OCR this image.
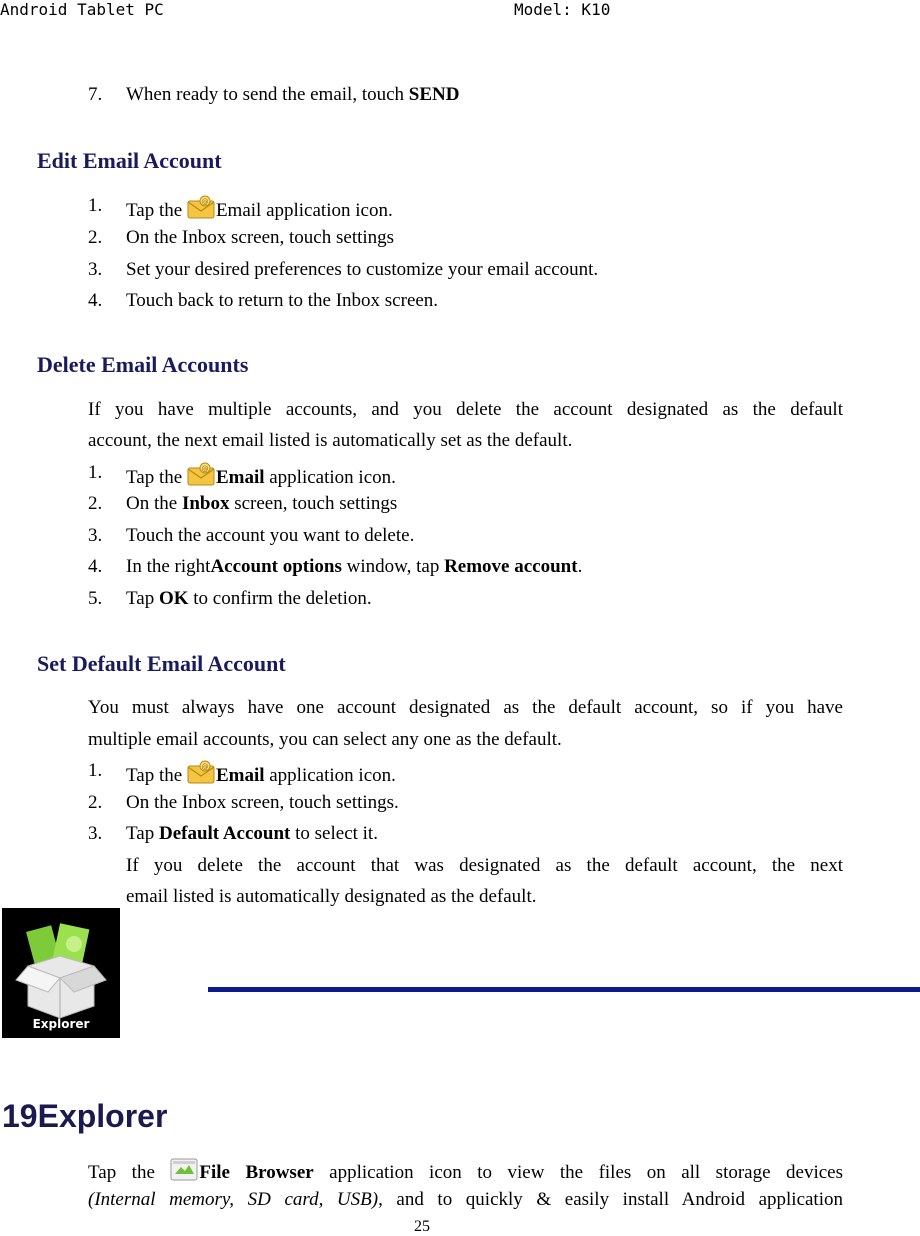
Android Tablet PC	Model: K10
7. When ready to send the email, touch SEND
Edit Email Account
1. Tap the @ Email application icon.
2. On the Inbox screen, touch settings
3. Set your desired preferences to customize your email account.
4. Touch back to return to the Inbox screen.
Delete Email Accounts
If you have multiple accounts, and you delete the account designated as the default
account, the next email listed is automatically set as the default.
1. Tap the @ Email application icon.
2. On the Inbox screen, touch settings
3. Touch the account you want to delete.
4. In the rightAccount options window, tap Remove account.
5. Tap OK to confirm the deletion.
Set Default Email Account
You must always have one account designated as the default account, so if you have
multiple email accounts, you can select any one as the default.
1. Tap the @ Email application icon.
2. On the Inbox screen, touch settings.
3. Tap Default Account to select it.
If you delete the account that was designated as the default account, the next
email listed is automatically designated as the default.
Explorer
19Explorer
Tap the File Browser application icon to view the files on all storage devices
(Internal memory, SD card, USB), and to quickly & easily install Android application
25
